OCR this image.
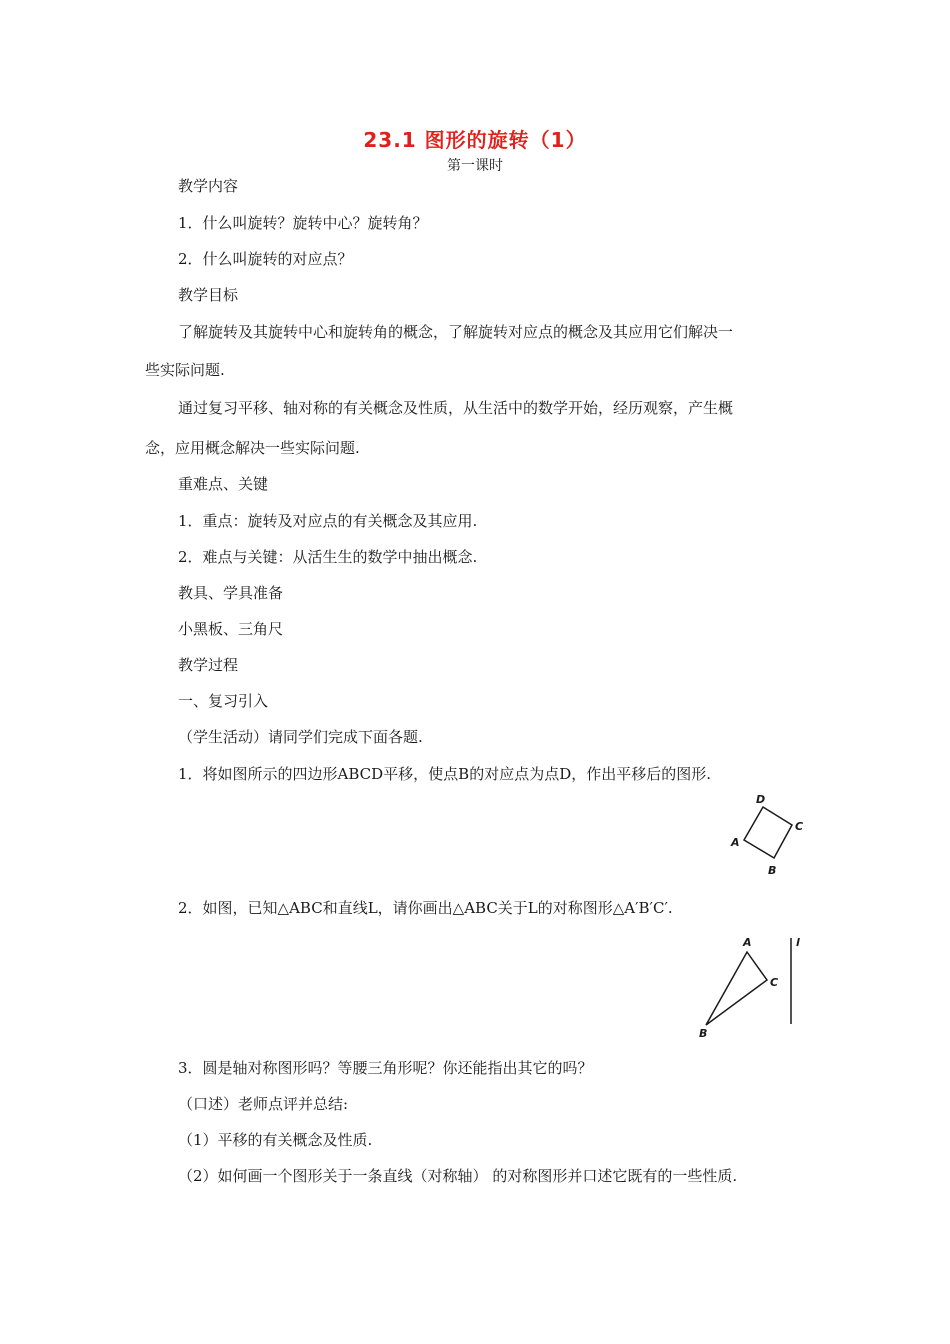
23.1 图形的旋转（1）
第一课时
教学内容
1．什么叫旋转？旋转中心？旋转角？
2．什么叫旋转的对应点？
教学目标
了解旋转及其旋转中心和旋转角的概念，了解旋转对应点的概念及其应用它们解决一
些实际问题.
通过复习平移、轴对称的有关概念及性质，从生活中的数学开始，经历观察，产生概
念，应用概念解决一些实际问题.
重难点、关键
1．重点：旋转及对应点的有关概念及其应用.
2．难点与关键：从活生生的数学中抽出概念.
教具、学具准备
小黑板、三角尺
教学过程
一、复习引入
（学生活动）请同学们完成下面各题.
1．将如图所示的四边形ABCD平移，使点B的对应点为点D，作出平移后的图形.
D
C
A
B
2．如图，已知△ABC和直线L，请你画出△ABC关于L的对称图形△A′B′C′.
A
C
B
l
3．圆是轴对称图形吗？等腰三角形呢？你还能指出其它的吗？
（口述）老师点评并总结:
（1）平移的有关概念及性质.
（2）如何画一个图形关于一条直线（对称轴） 的对称图形并口述它既有的一些性质.
